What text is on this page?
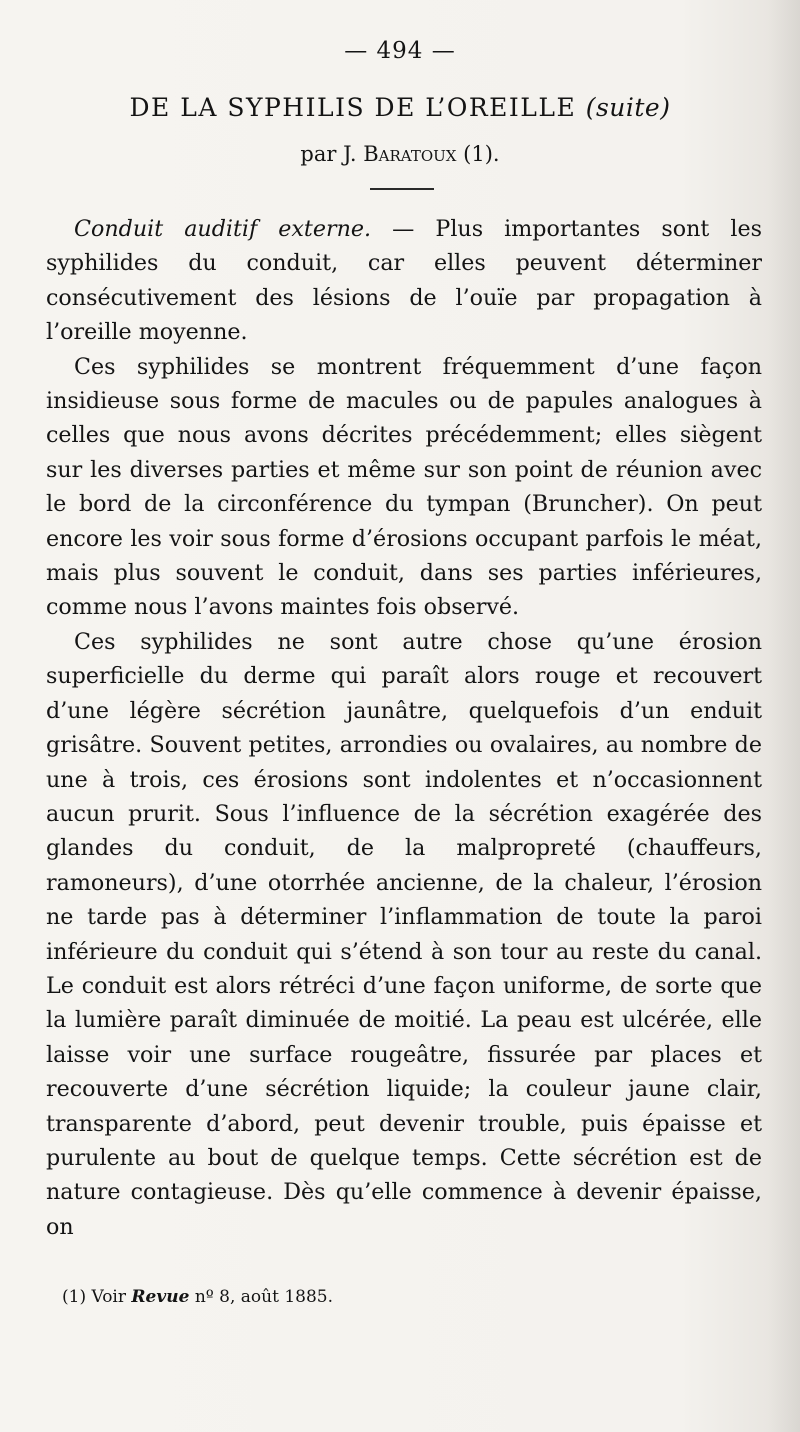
— 494 —
DE LA SYPHILIS DE L’OREILLE (suite)
par J. Baratoux (1).

Conduit auditif externe. — Plus importantes sont les syphilides du conduit, car elles peuvent déterminer consécutivement des lésions de l’ouïe par propagation à l’oreille moyenne.

Ces syphilides se montrent fréquemment d’une façon insidieuse sous forme de macules ou de papules analogues à celles que nous avons décrites précédemment; elles siègent sur les diverses parties et même sur son point de réunion avec le bord de la circonférence du tympan (Bruncher). On peut encore les voir sous forme d’érosions occupant parfois le méat, mais plus souvent le conduit, dans ses parties inférieures, comme nous l’avons maintes fois observé.

Ces syphilides ne sont autre chose qu’une érosion superficielle du derme qui paraît alors rouge et recouvert d’une légère sécrétion jaunâtre, quelquefois d’un enduit grisâtre. Souvent petites, arrondies ou ovalaires, au nombre de une à trois, ces érosions sont indolentes et n’occasionnent aucun prurit. Sous l’influence de la sécrétion exagérée des glandes du conduit, de la malpropreté (chauffeurs, ramoneurs), d’une otorrhée ancienne, de la chaleur, l’érosion ne tarde pas à déterminer l’inflammation de toute la paroi inférieure du conduit qui s’étend à son tour au reste du canal. Le conduit est alors rétréci d’une façon uniforme, de sorte que la lumière paraît diminuée de moitié. La peau est ulcérée, elle laisse voir une surface rougeâtre, fissurée par places et recouverte d’une sécrétion liquide; la couleur jaune clair, transparente d’abord, peut devenir trouble, puis épaisse et purulente au bout de quelque temps. Cette sécrétion est de nature contagieuse. Dès qu’elle commence à devenir épaisse, on

(1) Voir Revue nº 8, août 1885.
